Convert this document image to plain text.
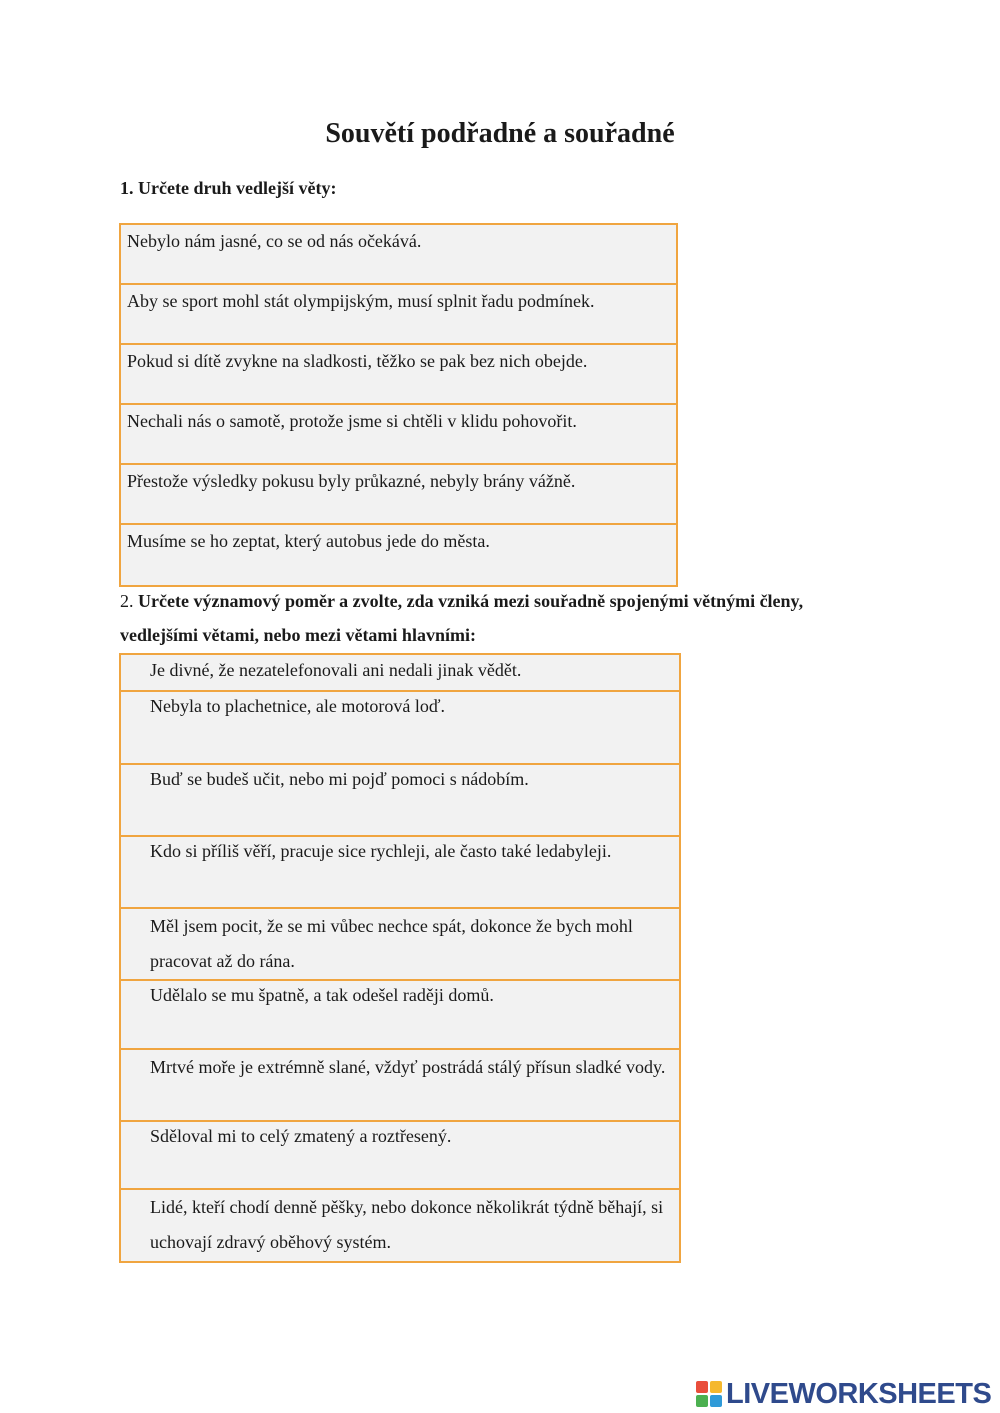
Souvětí podřadné a souřadné

1. Určete druh vedlejší věty:

Nebylo nám jasné, co se od nás očekává.
Aby se sport mohl stát olympijským, musí splnit řadu podmínek.
Pokud si dítě zvykne na sladkosti, těžko se pak bez nich obejde.
Nechali nás o samotě, protože jsme si chtěli v klidu pohovořit.
Přestože výsledky pokusu byly průkazné, nebyly brány vážně.
Musíme se ho zeptat, který autobus jede do města.

2. Určete významový poměr a zvolte, zda vzniká mezi souřadně spojenými větnými členy, vedlejšími větami, nebo mezi větami hlavními:

Je divné, že nezatelefonovali ani nedali jinak vědět.
Nebyla to plachetnice, ale motorová loď.
Buď se budeš učit, nebo mi pojď pomoci s nádobím.
Kdo si příliš věří, pracuje sice rychleji, ale často také ledabyleji.
Měl jsem pocit, že se mi vůbec nechce spát, dokonce že bych mohl pracovat až do rána.
Udělalo se mu špatně, a tak odešel raději domů.
Mrtvé moře je extrémně slané, vždyť postrádá stálý přísun sladké vody.
Sděloval mi to celý zmatený a roztřesený.
Lidé, kteří chodí denně pěšky, nebo dokonce několikrát týdně běhají, si uchovají zdravý oběhový systém.
LIVEWORKSHEETS
